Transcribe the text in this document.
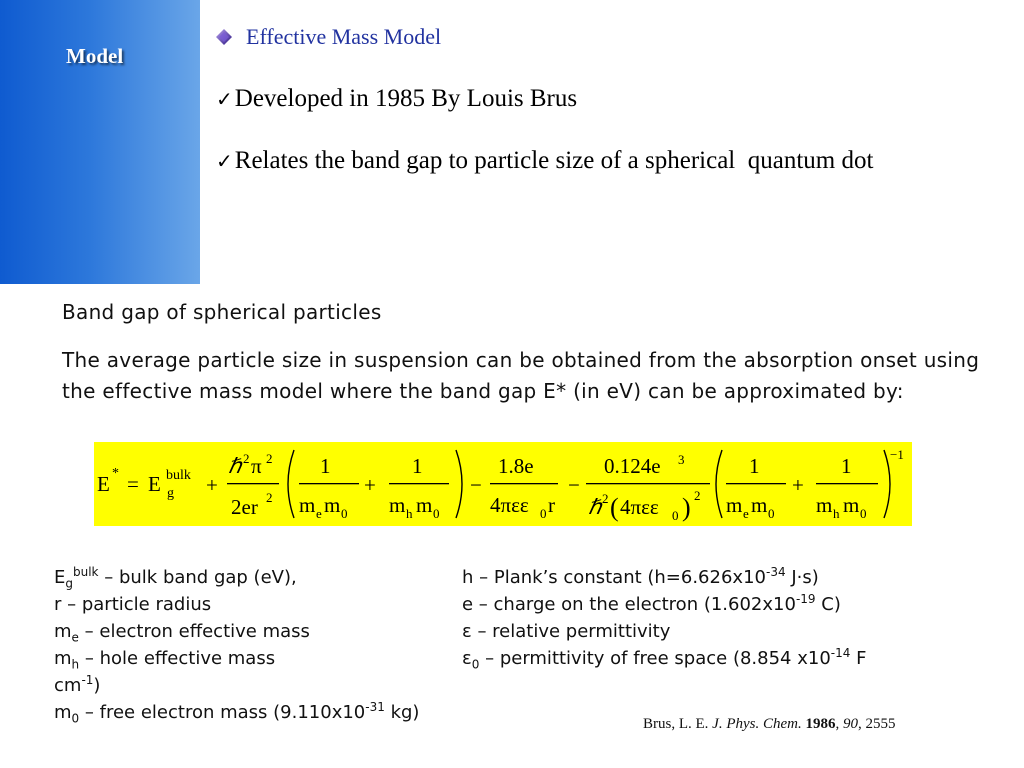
Model
Effective Mass Model
✓Developed in 1985 By Louis Brus
✓Relates the band gap to particle size of a spherical  quantum dot
Band gap of spherical particles
The average particle size in suspension can be obtained from the absorption onset using the effective mass model where the band gap E* (in eV) can be approximated by:
E * = E bulk
g +
ℏ 2 π 2
2er 2
1
m e m 0
+
1
m h m 0
−
1.8e
4πεε 0 r
−
0.124e 3
ℏ 2 ( 4πεε 0 ) 2
1
m e m 0
+
1
m h m 0
−1
$E_g^{bulk}$ – bulk band gap (eV),
r – particle radius
$m_e$ – electron effective mass
$m_h$ – hole effective mass
$cm^{-1}$)
$m_0$ – free electron mass ($9.110x10^{-31}$ kg)
h – Plank’s constant ($h=6.626x10^{-34}$ J·s)
e – charge on the electron ($1.602x10^{-19}$ C)
ε – relative permittivity
$\varepsilon_0$ – permittivity of free space (8.854 $x10^{-14}$ F
Brus, L. E. J. Phys. Chem. 1986, 90, 2555
